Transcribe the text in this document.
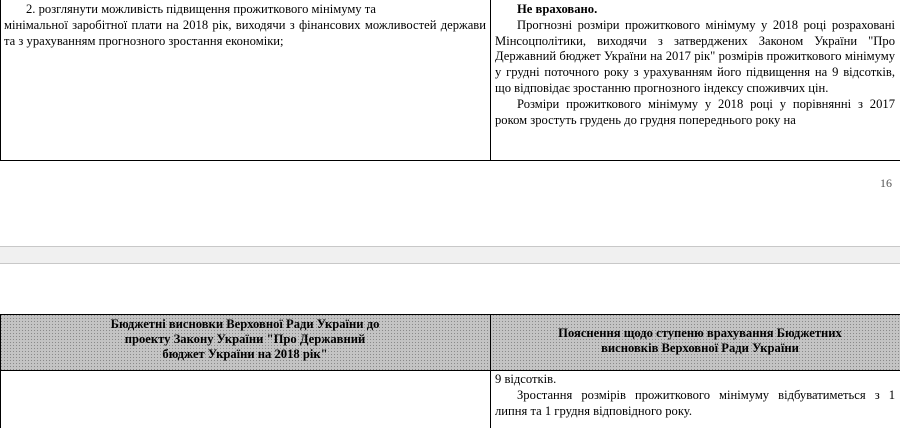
2. розглянути можливість підвищення прожиткового мінімуму та

мінімальної заробітної плати на 2018 рік, виходячи з фінансових можливостей держави та з урахуванням прогнозного зростання економіки;

Не враховано.

Прогнозні розміри прожиткового мінімуму у 2018 році розраховані Мінсоцполітики, виходячи з затверджених Законом України "Про Державний бюджет України на 2017 рік" розмірів прожиткового мінімуму у грудні поточного року з урахуванням його підвищення на 9 відсотків, що відповідає зростанню прогнозного індексу споживчих цін.

Розміри прожиткового мінімуму у 2018 році у порівнянні з 2017 роком зростуть грудень до грудня попереднього року на

16
Бюджетні висновки Верховної Ради України до проекту Закону України "Про Державний бюджет України на 2018 рік"
Пояснення щодо ступеню врахування Бюджетних висновків Верховної Ради України

9 відсотків.

Зростання розмірів прожиткового мінімуму відбуватиметься з 1 липня та 1 грудня відповідного року.
